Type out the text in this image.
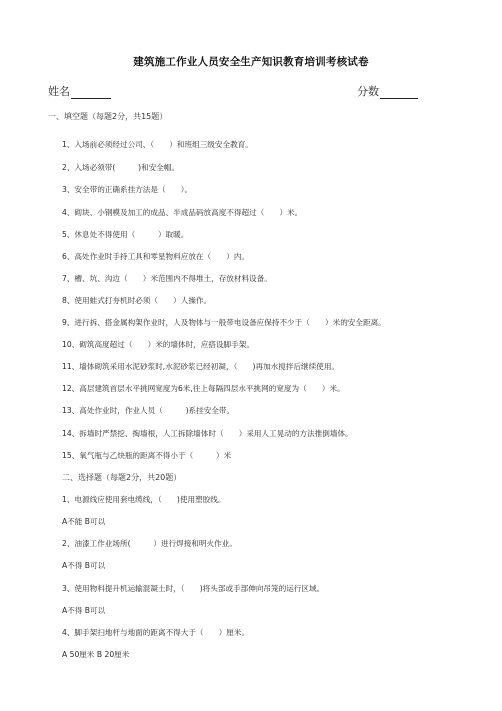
建筑施工作业人员安全生产知识教育培训考核试卷
姓名	分数
一、填空题（每题2分，共15题）
1、入场前必须经过公司、（　　）和班组三级安全教育。
2、入场必须带(　　　)和安全帽。
3、安全带的正确系挂方法是（　　）。
4、砌块、小钢模及加工的成品、半成品码放高度不得超过（　　）米。
5、休息处不得使用（　　　）取暖。
6、高处作业时手持工具和零星物料应放在（　　）内。
7、槽、坑、沟边（　　）米范围内不得堆土，存放材料设备。
8、使用蛙式打夯机时必须（　　）人操作。
9、进行拆、搭金属构架作业时，人及物体与一般带电设备应保持不少于（　　）米的安全距离。
10、砌筑高度超过（　　）米的墙体时，应搭设脚手架。
11、墙体砌筑采用水泥砂浆时,水泥砂浆已经初凝，（　　)再加水搅拌后继续使用。
12、高层建筑首层水平挑网宽度为6米,往上每隔四层水平挑网的宽度为（　　）米。
13、高处作业时，作业人员（　　　)系挂安全带。
14、拆墙时严禁挖、掏墙根，人工拆除墙体时（　　）采用人工晃动的方法推倒墙体。
15、氧气瓶与乙炔瓶的距离不得小于（　　　）米
二、选择题（每题2分，共20题）
1、电源线应使用套电缆线，（　　)使用塑胶线。
A不能 B可以
2、油漆工作业场所(　　　）进行焊接和明火作业。
A不得 B可以
3、使用物料提升机运输混凝土时，（　　)将头部或手部伸向吊笼的运行区域。
A不得 B可以
4、脚手架扫地杆与地面的距离不得大于（　　）厘米。
A 50厘米 B 20厘米
